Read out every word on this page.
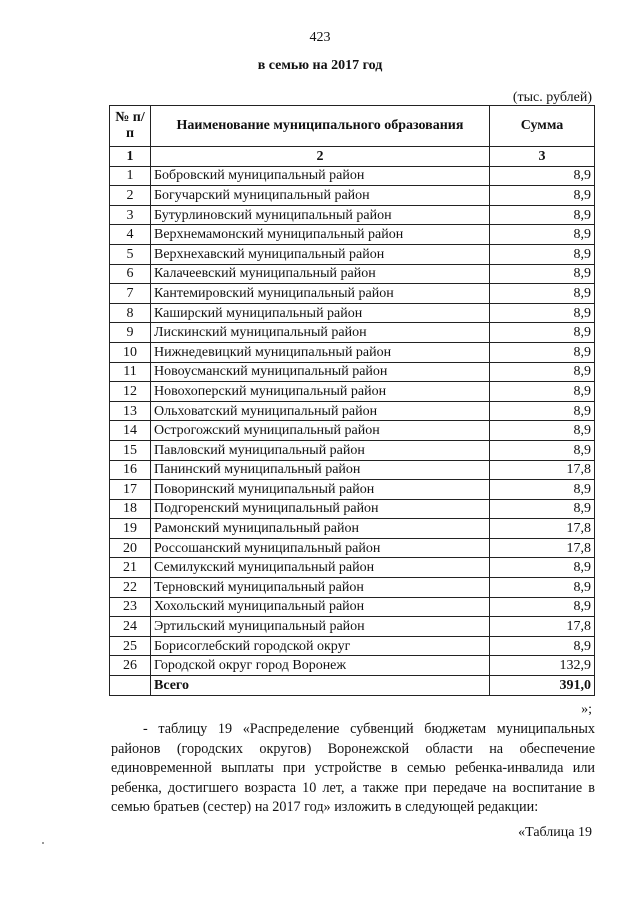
423
в семью на 2017 год
(тыс. рублей)
№ п/п	Наименование муниципального образования	Сумма
1	2	3
1	Бобровский муниципальный район	8,9
2	Богучарский муниципальный район	8,9
3	Бутурлиновский муниципальный район	8,9
4	Верхнемамонский муниципальный район	8,9
5	Верхнехавский муниципальный район	8,9
6	Калачеевский муниципальный район	8,9
7	Кантемировский муниципальный район	8,9
8	Каширский муниципальный район	8,9
9	Лискинский муниципальный район	8,9
10	Нижнедевицкий муниципальный район	8,9
11	Новоусманский муниципальный район	8,9
12	Новохоперский муниципальный район	8,9
13	Ольховатский муниципальный район	8,9
14	Острогожский муниципальный район	8,9
15	Павловский муниципальный район	8,9
16	Панинский муниципальный район	17,8
17	Поворинский муниципальный район	8,9
18	Подгоренский муниципальный район	8,9
19	Рамонский муниципальный район	17,8
20	Россошанский муниципальный район	17,8
21	Семилукский муниципальный район	8,9
22	Терновский муниципальный район	8,9
23	Хохольский муниципальный район	8,9
24	Эртильский муниципальный район	17,8
25	Борисоглебский городской округ	8,9
26	Городской округ город Воронеж	132,9
	Всего	391,0
»;

- таблицу 19 «Распределение субвенций бюджетам муниципальных районов (городских округов) Воронежской области на обеспечение единовременной выплаты при устройстве в семью ребенка-инвалида или ребенка, достигшего возраста 10 лет, а также при передаче на воспитание в семью братьев (сестер) на 2017 год» изложить в следующей редакции:

«Таблица 19
